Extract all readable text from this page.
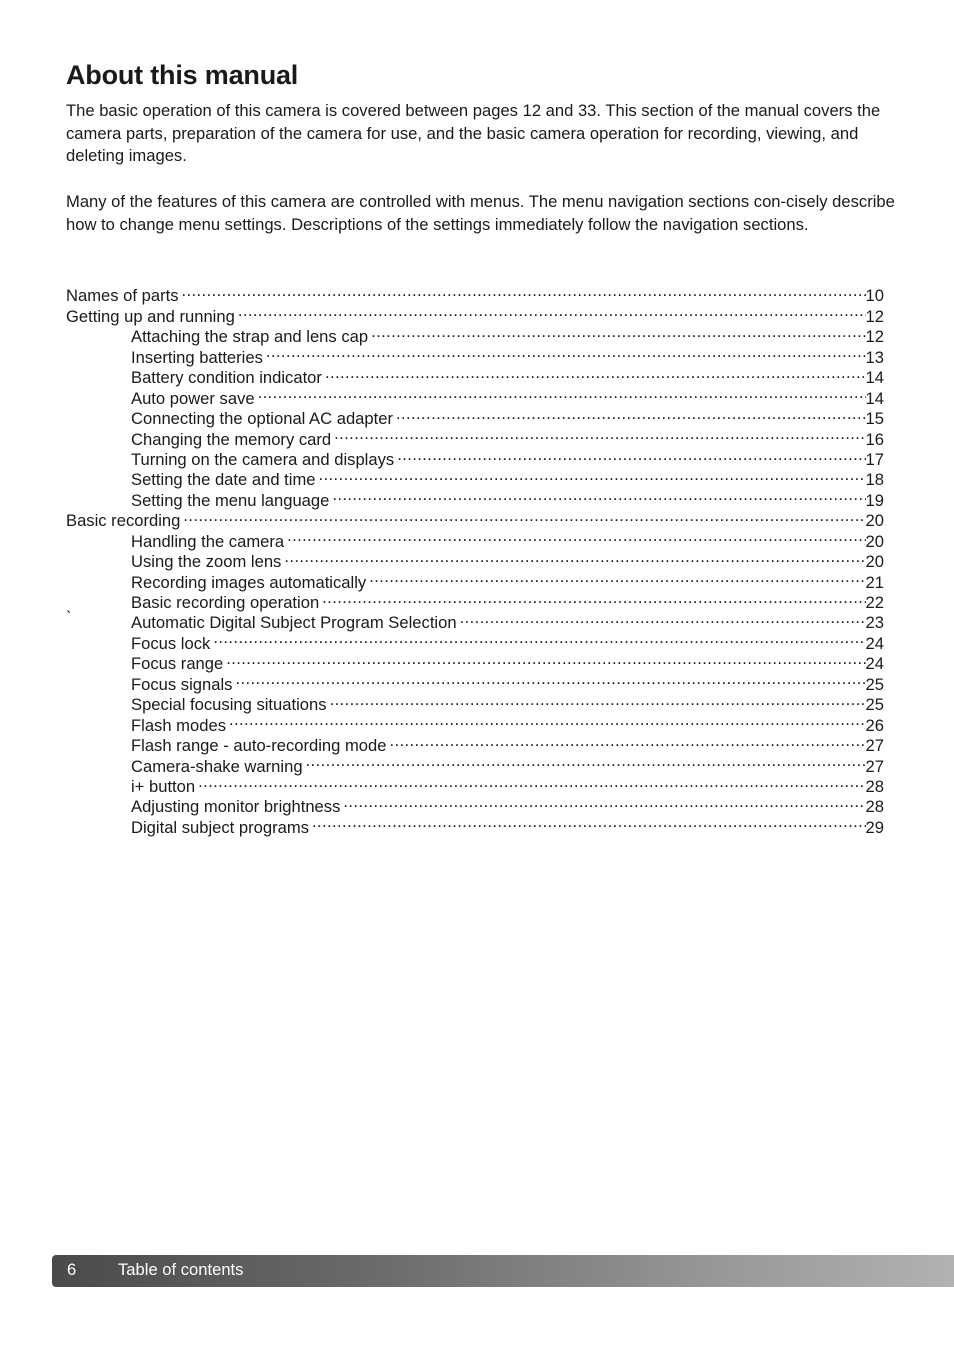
About this manual

The basic operation of this camera is covered between pages 12 and 33. This section of the manual covers the camera parts, preparation of the camera for use, and the basic camera operation for recording, viewing, and deleting images.

Many of the features of this camera are controlled with menus. The menu navigation sections con-cisely describe how to change menu settings. Descriptions of the settings immediately follow the navigation sections.

Names of parts .....	10
Getting up and running .....	12
Attaching the strap and lens cap .....	12
Inserting batteries .....	13
Battery condition indicator .....	14
Auto power save .....	14
Connecting the optional AC adapter .....	15
Changing the memory card .....	16
Turning on the camera and displays .....	17
Setting the date and time .....	18
Setting the menu language .....	19
Basic recording .....	20
Handling the camera .....	20
Using the zoom lens .....	20
Recording images automatically .....	21
Basic recording operation .....	22
`	Automatic Digital Subject Program Selection .....	23
Focus lock .....	24
Focus range .....	24
Focus signals .....	25
Special focusing situations .....	25
Flash modes .....	26
Flash range - auto-recording mode .....	27
Camera-shake warning .....	27
i+ button .....	28
Adjusting monitor brightness .....	28
Digital subject programs .....	29
6	Table of contents
